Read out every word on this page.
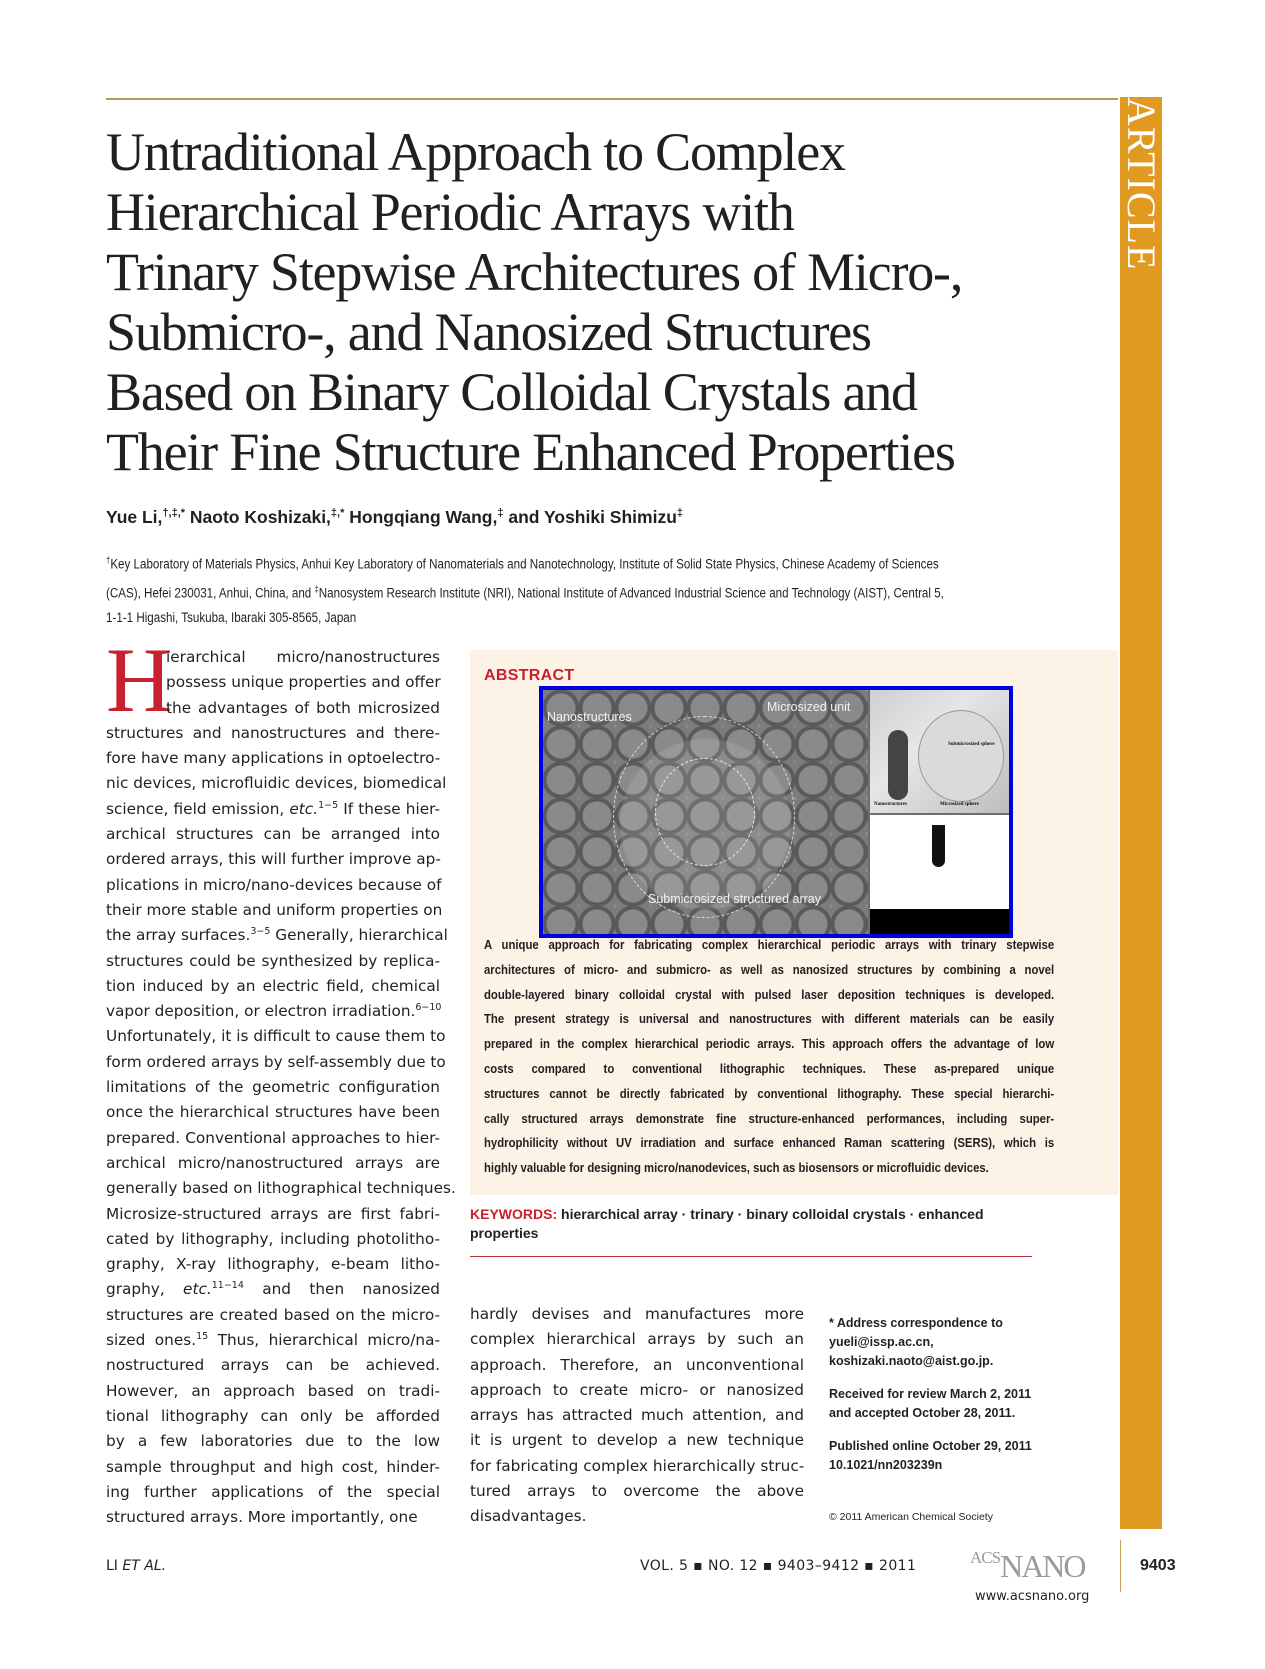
ARTICLE
Untraditional Approach to Complex
Hierarchical Periodic Arrays with
Trinary Stepwise Architectures of Micro-,
Submicro-, and Nanosized Structures
Based on Binary Colloidal Crystals and
Their Fine Structure Enhanced Properties
Yue Li,†,‡,* Naoto Koshizaki,‡,* Hongqiang Wang,‡ and Yoshiki Shimizu‡
†Key Laboratory of Materials Physics, Anhui Key Laboratory of Nanomaterials and Nanotechnology, Institute of Solid State Physics, Chinese Academy of Sciences
(CAS), Hefei 230031, Anhui, China, and ‡Nanosystem Research Institute (NRI), National Institute of Advanced Industrial Science and Technology (AIST), Central 5,
1-1-1 Higashi, Tsukuba, Ibaraki 305-8565, Japan
H
ierarchical micro/nanostructures
possess unique properties and offer
the advantages of both microsized
structures and nanostructures and there-
fore have many applications in optoelectro-
nic devices, microfluidic devices, biomedical
science, field emission, etc.$^{1-5}$ If these hier-
archical structures can be arranged into
ordered arrays, this will further improve ap-
plications in micro/nano-devices because of
their more stable and uniform properties on
the array surfaces.$^{3-5}$ Generally, hierarchical
structures could be synthesized by replica-
tion induced by an electric field, chemical
vapor deposition, or electron irradiation.$^{6-10}$
Unfortunately, it is difficult to cause them to
form ordered arrays by self-assembly due to
limitations of the geometric configuration
once the hierarchical structures have been
prepared. Conventional approaches to hier-
archical micro/nanostructured arrays are
generally based on lithographical techniques.
Microsize-structured arrays are first fabri-
cated by lithography, including photolitho-
graphy, X-ray lithography, e-beam litho-
graphy, etc.$^{11-14}$ and then nanosized
structures are created based on the micro-
sized ones.$^{15}$ Thus, hierarchical micro/na-
nostructured arrays can be achieved.
However, an approach based on tradi-
tional lithography can only be afforded
by a few laboratories due to the low
sample throughput and high cost, hinder-
ing further applications of the special
structured arrays. More importantly, one
ABSTRACT
Nanostructures
Microsized unit
Submicrosized structured array
Submicrosized sphere
Nanostructures	Microsized sphere
A unique approach for fabricating complex hierarchical periodic arrays with trinary stepwise
architectures of micro- and submicro- as well as nanosized structures by combining a novel
double-layered binary colloidal crystal with pulsed laser deposition techniques is developed.
The present strategy is universal and nanostructures with different materials can be easily
prepared in the complex hierarchical periodic arrays. This approach offers the advantage of low
costs compared to conventional lithographic techniques. These as-prepared unique
structures cannot be directly fabricated by conventional lithography. These special hierarchi-
cally structured arrays demonstrate fine structure-enhanced performances, including super-
hydrophilicity without UV irradiation and surface enhanced Raman scattering (SERS), which is
highly valuable for designing micro/nanodevices, such as biosensors or microfluidic devices.
KEYWORDS: hierarchical array · trinary · binary colloidal crystals · enhanced properties
hardly devises and manufactures more
complex hierarchical arrays by such an
approach. Therefore, an unconventional
approach to create micro- or nanosized
arrays has attracted much attention, and
it is urgent to develop a new technique
for fabricating complex hierarchically struc-
tured arrays to overcome the above
disadvantages.
* Address correspondence to
yueli@issp.ac.cn,
koshizaki.naoto@aist.go.jp.
Received for review March 2, 2011
and accepted October 28, 2011.
Published online October 29, 2011
10.1021/nn203239n
© 2011 American Chemical Society
LI ET AL.	VOL. 5 ▪ NO. 12 ▪ 9403–9412 ▪ 2011	$^{ACS}$NANO	9403
www.acsnano.org
